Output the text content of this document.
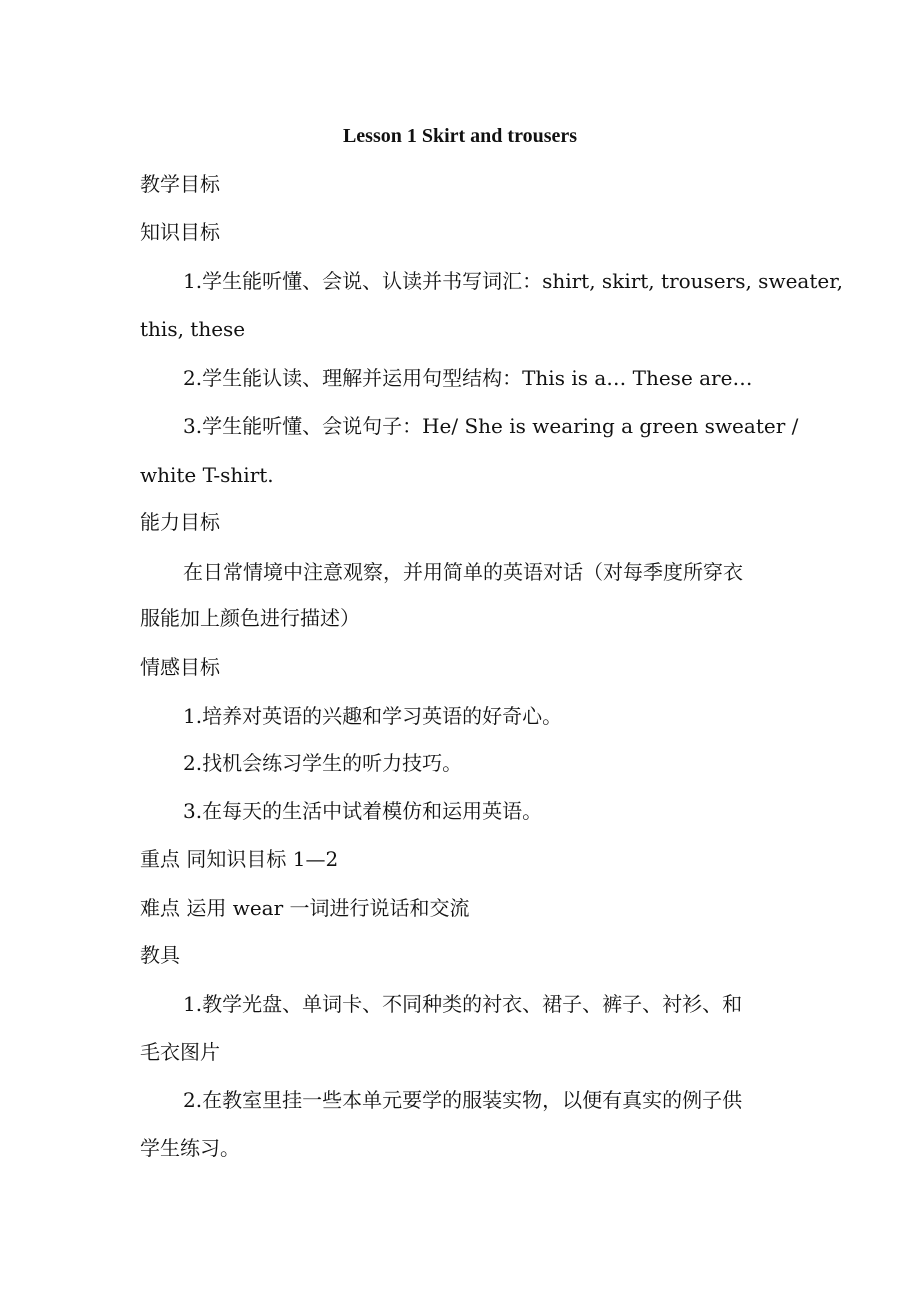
Lesson 1 Skirt and trousers
教学目标
知识目标
1.学生能听懂、会说、认读并书写词汇：shirt, skirt, trousers, sweater,
this, these
2.学生能认读、理解并运用句型结构：This is a… These are…
3.学生能听懂、会说句子：He/ She is wearing a green sweater /
white T-shirt.
能力目标
在日常情境中注意观察，并用简单的英语对话（对每季度所穿衣
服能加上颜色进行描述）
情感目标
1.培养对英语的兴趣和学习英语的好奇心。
2.找机会练习学生的听力技巧。
3.在每天的生活中试着模仿和运用英语。
重点 同知识目标 1—2
难点 运用 wear 一词进行说话和交流
教具
1.教学光盘、单词卡、不同种类的衬衣、裙子、裤子、衬衫、和
毛衣图片
2.在教室里挂一些本单元要学的服装实物，以便有真实的例子供
学生练习。
